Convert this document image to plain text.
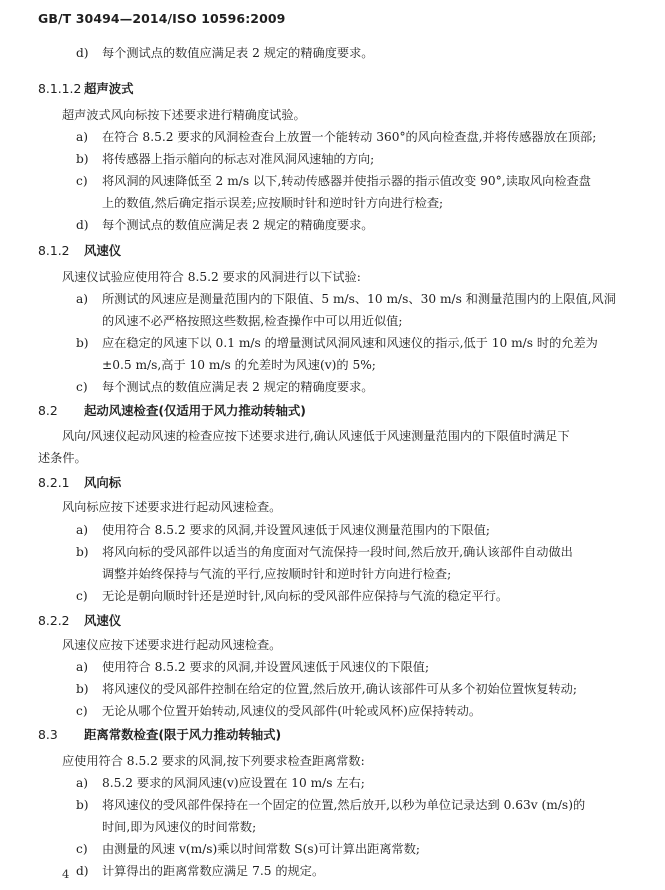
GB/T 30494—2014/ISO 10596:2009
d) 每个测试点的数值应满足表 2 规定的精确度要求。
8.1.1.2 超声波式
超声波式风向标按下述要求进行精确度试验。
a) 在符合 8.5.2 要求的风洞检查台上放置一个能转动 360°的风向检查盘,并将传感器放在顶部;
b) 将传感器上指示艏向的标志对准风洞风速轴的方向;
c) 将风洞的风速降低至 2 m/s 以下,转动传感器并使指示器的指示值改变 90°,读取风向检查盘
上的数值,然后确定指示误差;应按顺时针和逆时针方向进行检查;
d) 每个测试点的数值应满足表 2 规定的精确度要求。
8.1.2 风速仪
风速仪试验应使用符合 8.5.2 要求的风洞进行以下试验:
a) 所测试的风速应是测量范围内的下限值、5 m/s、10 m/s、30 m/s 和测量范围内的上限值,风洞
的风速不必严格按照这些数据,检查操作中可以用近似值;
b) 应在稳定的风速下以 0.1 m/s 的增量测试风洞风速和风速仪的指示,低于 10 m/s 时的允差为
±0.5 m/s,高于 10 m/s 的允差时为风速(v)的 5%;
c) 每个测试点的数值应满足表 2 规定的精确度要求。
8.2 起动风速检查(仅适用于风力推动转轴式)
风向/风速仪起动风速的检查应按下述要求进行,确认风速低于风速测量范围内的下限值时满足下
述条件。
8.2.1 风向标
风向标应按下述要求进行起动风速检查。
a) 使用符合 8.5.2 要求的风洞,并设置风速低于风速仪测量范围内的下限值;
b) 将风向标的受风部件以适当的角度面对气流保持一段时间,然后放开,确认该部件自动做出
调整并始终保持与气流的平行,应按顺时针和逆时针方向进行检查;
c) 无论是朝向顺时针还是逆时针,风向标的受风部件应保持与气流的稳定平行。
8.2.2 风速仪
风速仪应按下述要求进行起动风速检查。
a) 使用符合 8.5.2 要求的风洞,并设置风速低于风速仪的下限值;
b) 将风速仪的受风部件控制在给定的位置,然后放开,确认该部件可从多个初始位置恢复转动;
c) 无论从哪个位置开始转动,风速仪的受风部件(叶轮或风杯)应保持转动。
8.3 距离常数检查(限于风力推动转轴式)
应使用符合 8.5.2 要求的风洞,按下列要求检查距离常数:
a) 8.5.2 要求的风洞风速(v)应设置在 10 m/s 左右;
b) 将风速仪的受风部件保持在一个固定的位置,然后放开,以秒为单位记录达到 0.63v (m/s)的
时间,即为风速仪的时间常数;
c) 由测量的风速 v(m/s)乘以时间常数 S(s)可计算出距离常数;
d) 计算得出的距离常数应满足 7.5 的规定。
4
